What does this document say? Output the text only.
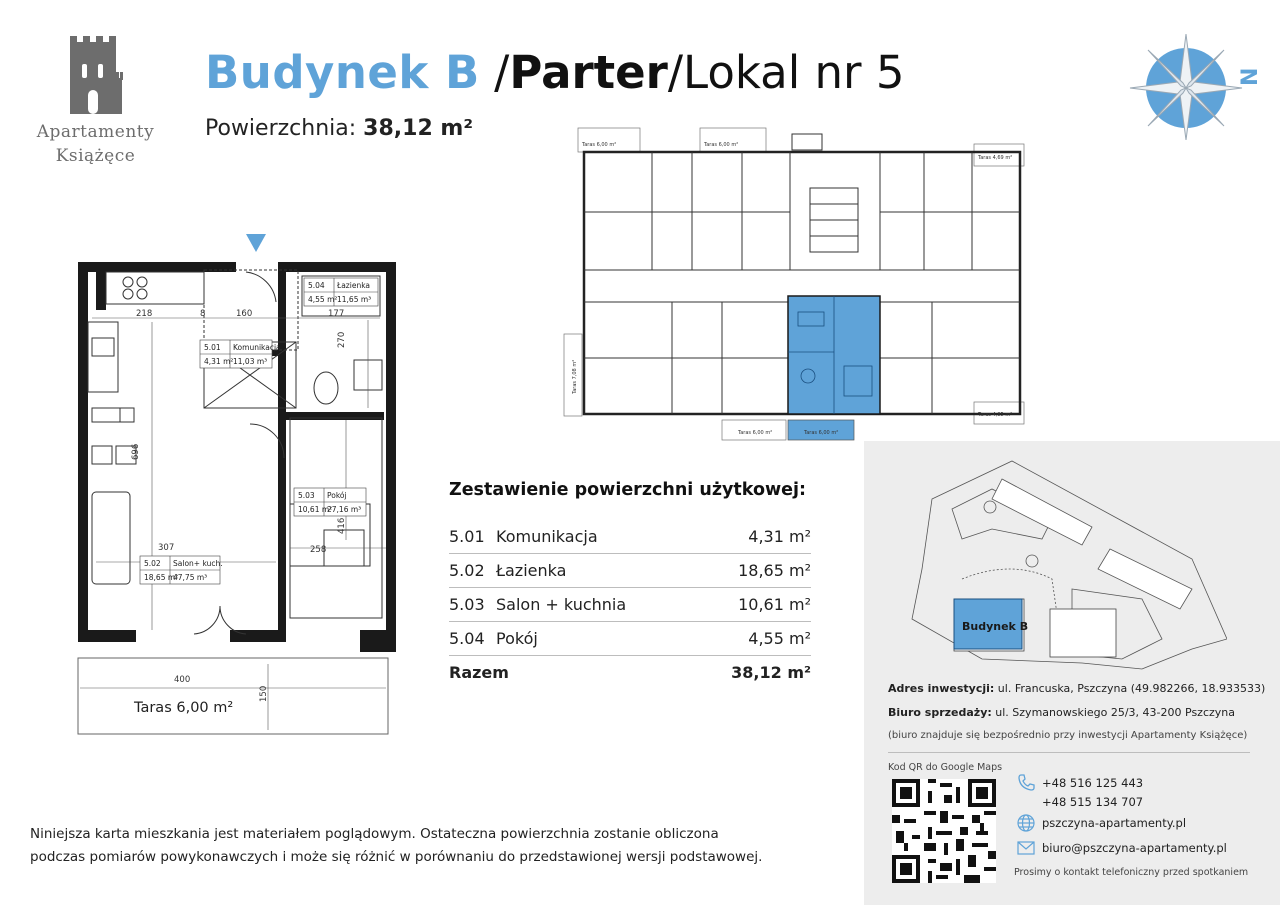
Apartamenty
Książęce
Budynek B /Parter/Lokal nr 5
Powierzchnia: 38,12 m²
N
218	8	160	177
270
696
307	258
416
400
150
5.01 Komunikacja
4,31 m² 11,03 m³
5.02 Salon+ kuch.
18,65 m²
47,75 m³
5.03 Pokój
10,61 m²
27,16 m³
5.04 Łazienka
4,55 m² 11,65 m³
Taras 6,00 m²
Taras 6,00 m²	Taras 6,00 m²
Taras 4,69 m²
Taras 7,08 m²
Taras 4,85 m²
Taras 6,00 m²	Taras 6,00 m²
Zestawienie powierzchni użytkowej:
5.01 Komunikacja	4,31 m²
5.02 Łazienka	18,65 m²
5.03 Salon + kuchnia	10,61 m²
5.04 Pokój	4,55 m²
Razem	38,12 m²
Niniejsza karta mieszkania jest materiałem poglądowym. Ostateczna powierzchnia zostanie obliczona
podczas pomiarów powykonawczych i może się różnić w porównaniu do przedstawionej wersji podstawowej.
Budynek B
Adres inwestycji: ul. Francuska, Pszczyna (49.982266, 18.933533)
Biuro sprzedaży: ul. Szymanowskiego 25/3, 43-200 Pszczyna
(biuro znajduje się bezpośrednio przy inwestycji Apartamenty Książęce)
Kod QR do Google Maps
+48 516 125 443
+48 515 134 707
pszczyna-apartamenty.pl
biuro@pszczyna-apartamenty.pl
Prosimy o kontakt telefoniczny przed spotkaniem
